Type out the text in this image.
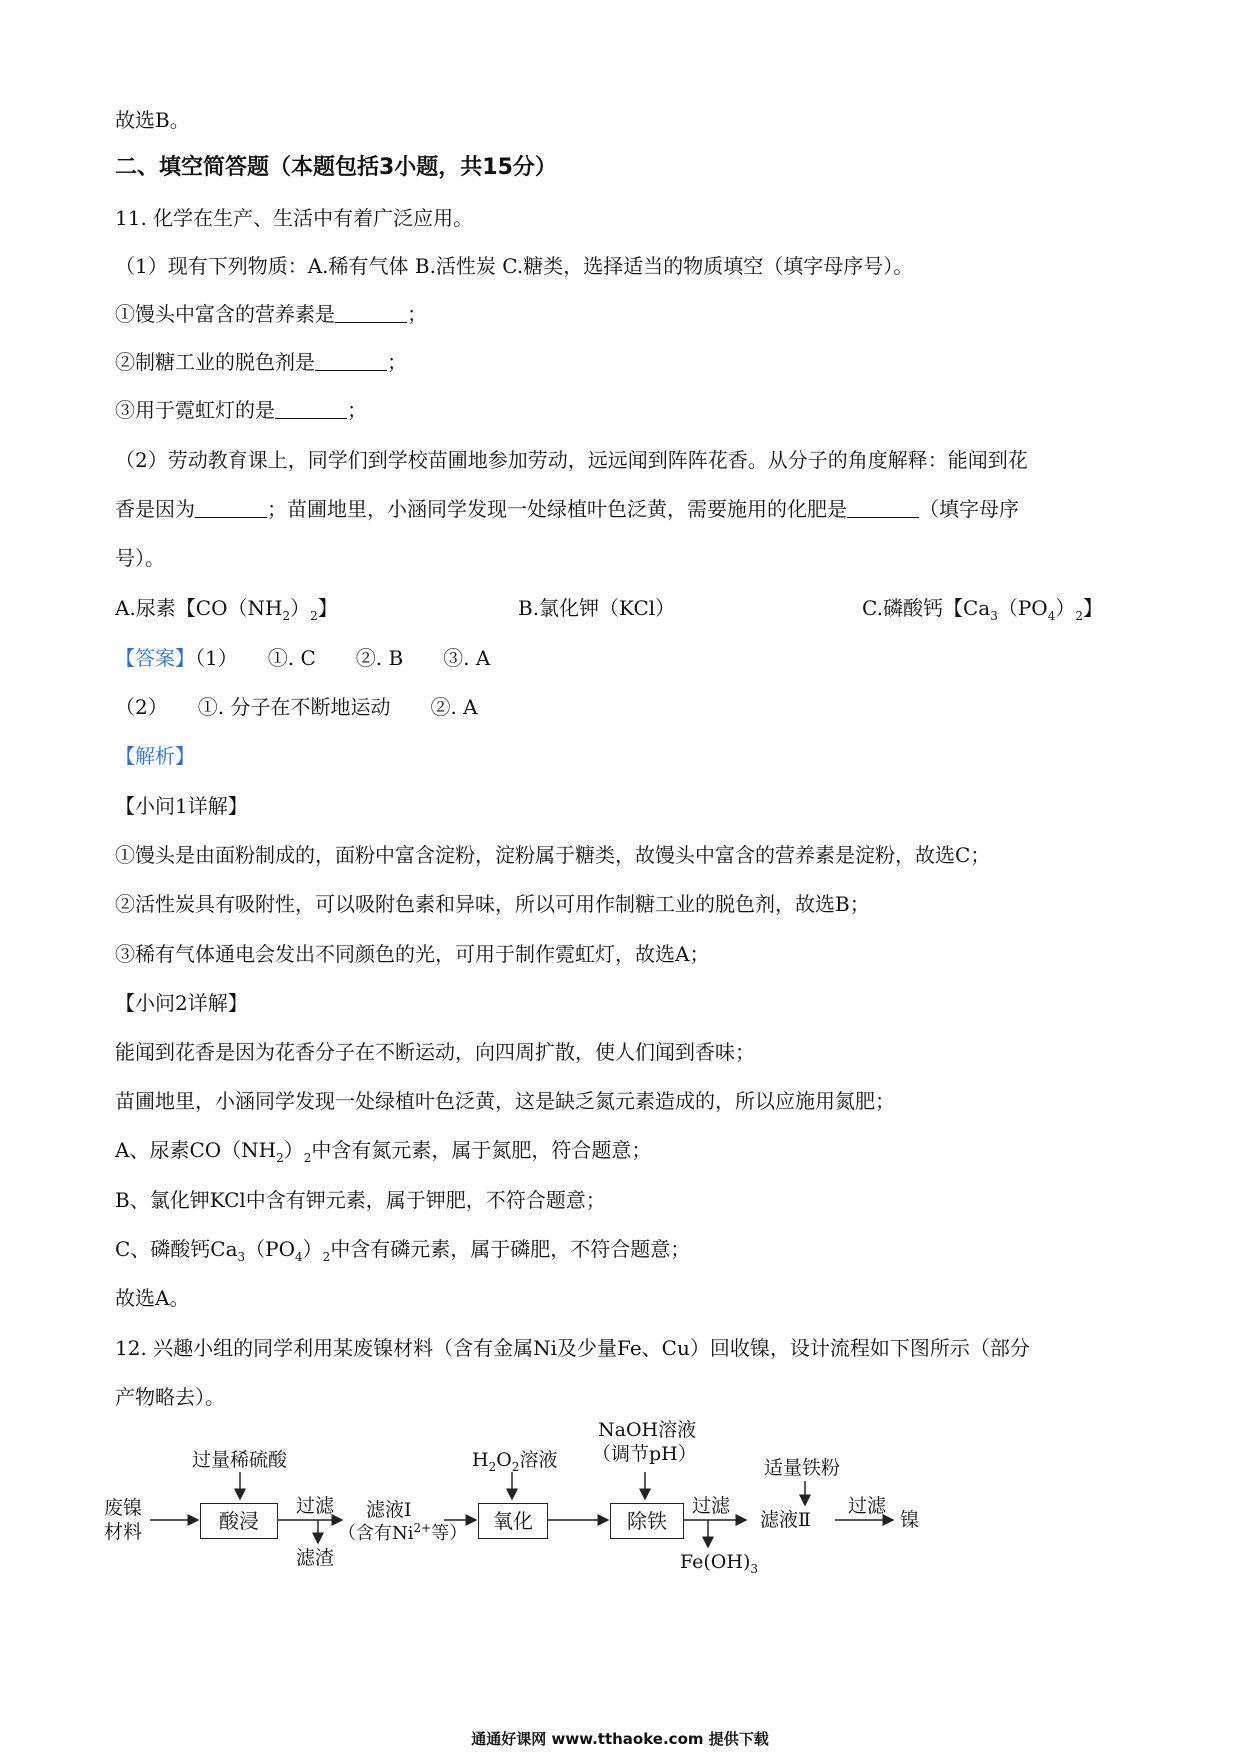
故选B。
二、填空简答题（本题包括3小题，共15分）
11. 化学在生产、生活中有着广泛应用。
（1）现有下列物质：A.稀有气体 B.活性炭 C.糖类，选择适当的物质填空（填字母序号）。
①馒头中富含的营养素是	；
②制糖工业的脱色剂是	；
③用于霓虹灯的是	；
（2）劳动教育课上，同学们到学校苗圃地参加劳动，远远闻到阵阵花香。从分子的角度解释：能闻到花
香是因为	；苗圃地里，小涵同学发现一处绿植叶色泛黄，需要施用的化肥是	（填字母序
号）。
A.尿素【$CO(NH_2)_2$】	B.氯化钾（KCl）	C.磷酸钙【$Ca_3(PO_4)_2$】
【答案】（1）　　①. C　　②. B　　③. A
（2）　　①. 分子在不断地运动　　②. A
【解析】
【小问1详解】
①馒头是由面粉制成的，面粉中富含淀粉，淀粉属于糖类，故馒头中富含的营养素是淀粉，故选C；
②活性炭具有吸附性，可以吸附色素和异味，所以可用作制糖工业的脱色剂，故选B；
③稀有气体通电会发出不同颜色的光，可用于制作霓虹灯，故选A；
【小问2详解】
能闻到花香是因为花香分子在不断运动，向四周扩散，使人们闻到香味；
苗圃地里，小涵同学发现一处绿植叶色泛黄，这是缺乏氮元素造成的，所以应施用氮肥；
A、尿素$CO(NH_2)_2$中含有氮元素，属于氮肥，符合题意；
B、氯化钾KCl中含有钾元素，属于钾肥，不符合题意；
C、磷酸钙$Ca_3(PO_4)_2$中含有磷元素，属于磷肥，不符合题意；
故选A。
12. 兴趣小组的同学利用某废镍材料（含有金属Ni及少量Fe、Cu）回收镍，设计流程如下图所示（部分
产物略去）。
废镍
材料
过量稀硫酸
酸浸
过滤
滤渣
滤液Ⅰ
（含有$Ni^{2+}$等）
$H_2O_2$溶液
氧化
NaOH溶液
（调节pH）
除铁
过滤
$Fe(OH)_3$
适量铁粉
滤液Ⅱ
过滤
镍
通通好课网 www.tthaoke.com 提供下载
